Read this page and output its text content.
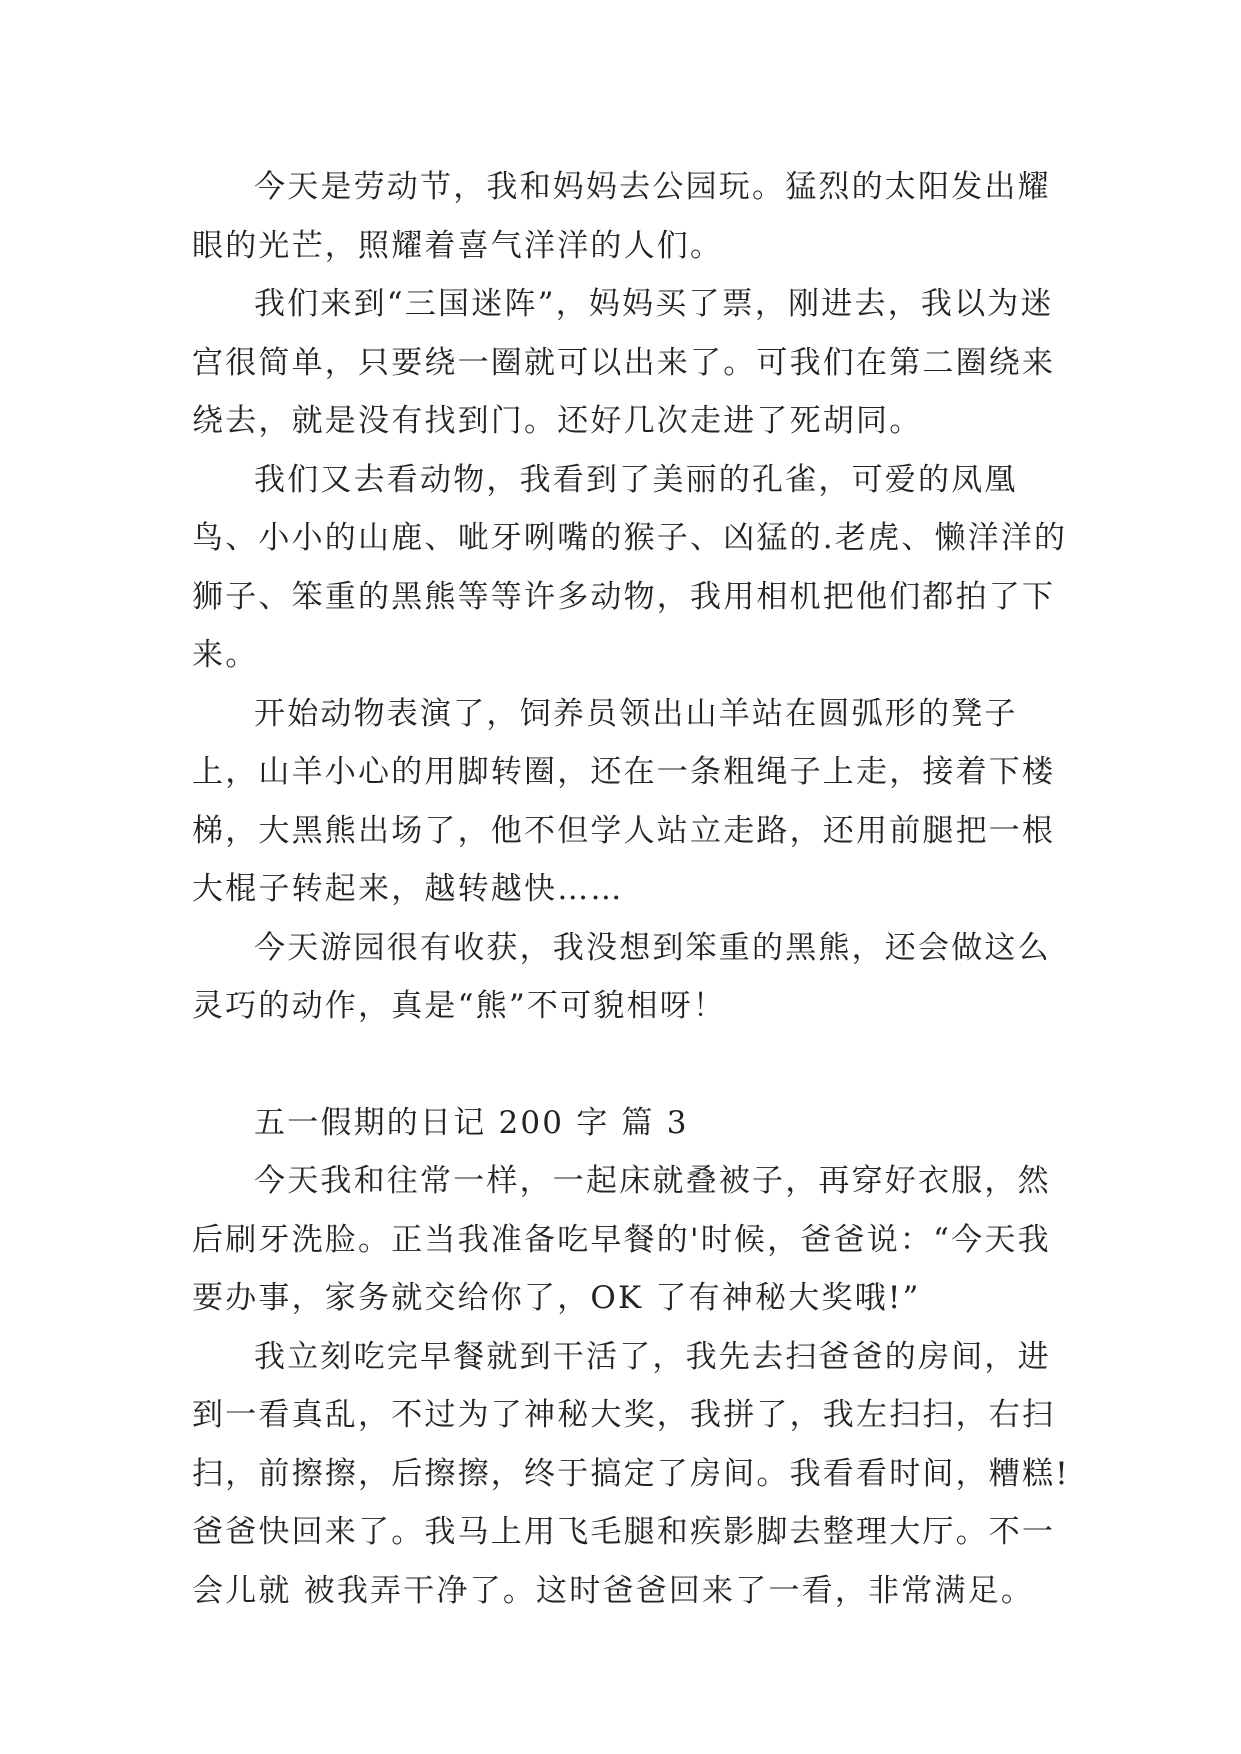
今天是劳动节，我和妈妈去公园玩。猛烈的太阳发出耀眼的光芒，照耀着喜气洋洋的人们。

我们来到“三国迷阵”，妈妈买了票，刚进去，我以为迷宫很简单，只要绕一圈就可以出来了。可我们在第二圈绕来绕去，就是没有找到门。还好几次走进了死胡同。

我们又去看动物，我看到了美丽的孔雀，可爱的凤凰鸟、小小的山鹿、呲牙咧嘴的猴子、凶猛的.老虎、懒洋洋的狮子、笨重的黑熊等等许多动物，我用相机把他们都拍了下来。

开始动物表演了，饲养员领出山羊站在圆弧形的凳子上，山羊小心的用脚转圈，还在一条粗绳子上走，接着下楼梯，大黑熊出场了，他不但学人站立走路，还用前腿把一根大棍子转起来，越转越快……

今天游园很有收获，我没想到笨重的黑熊，还会做这么灵巧的动作，真是“熊”不可貌相呀！

五一假期的日记 200 字 篇 3

今天我和往常一样，一起床就叠被子，再穿好衣服，然后刷牙洗脸。正当我准备吃早餐的'时候，爸爸说：“今天我要办事，家务就交给你了，OK 了有神秘大奖哦!”

我立刻吃完早餐就到干活了，我先去扫爸爸的房间，进到一看真乱，不过为了神秘大奖，我拼了，我左扫扫，右扫扫，前擦擦，后擦擦，终于搞定了房间。我看看时间，糟糕!爸爸快回来了。我马上用飞毛腿和疾影脚去整理大厅。不一会儿就 被我弄干净了。这时爸爸回来了一看，非常满足。
